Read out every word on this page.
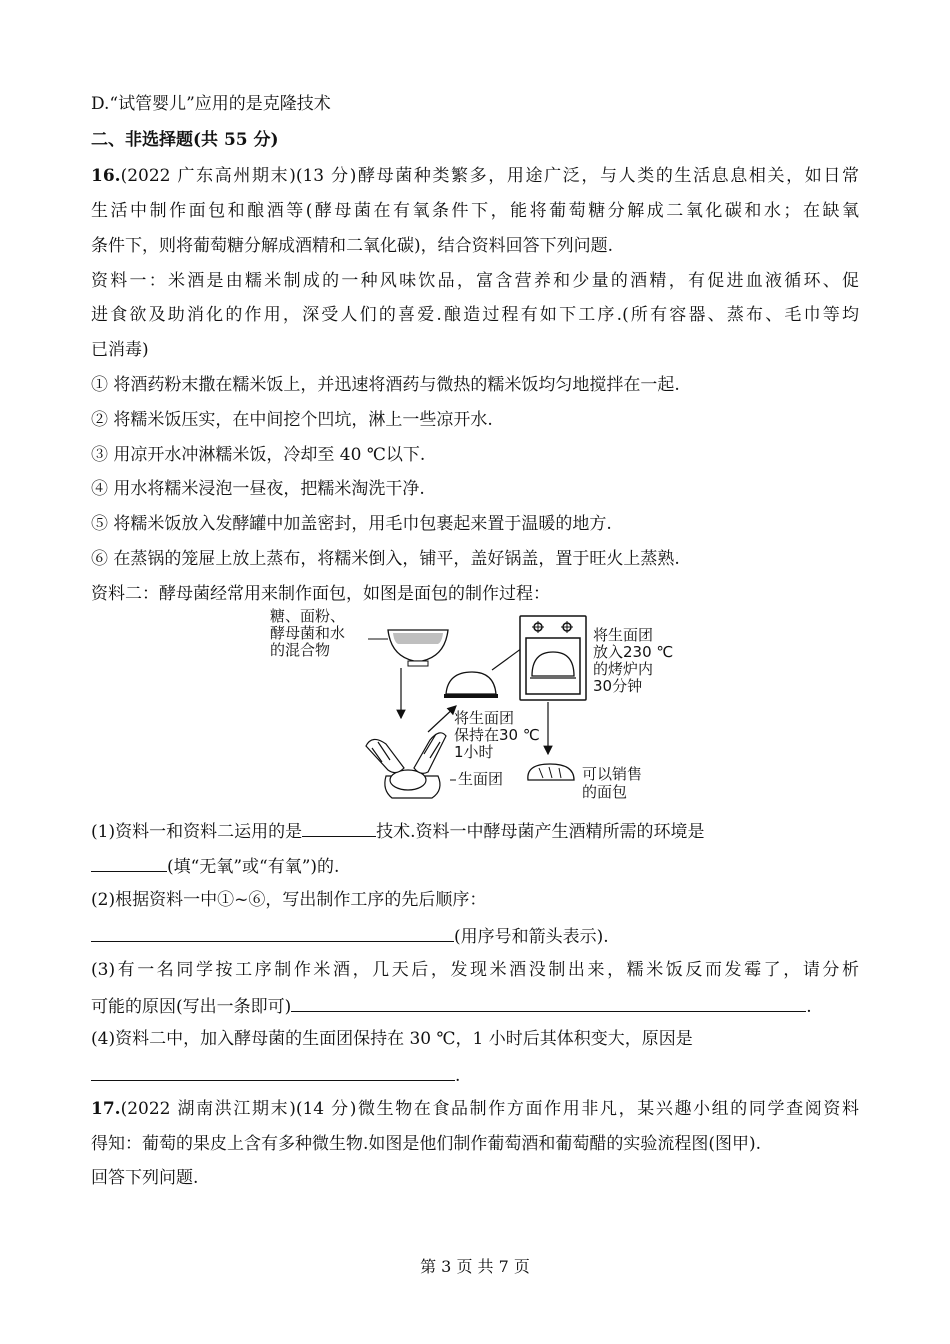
D.“试管婴儿”应用的是克隆技术
二、非选择题(共 55 分)
16.(2022 广东高州期末)(13 分)酵母菌种类繁多，用途广泛，与人类的生活息息相关，如日常
生活中制作面包和酿酒等(酵母菌在有氧条件下，能将葡萄糖分解成二氧化碳和水；在缺氧
条件下，则将葡萄糖分解成酒精和二氧化碳)，结合资料回答下列问题.
资料一：米酒是由糯米制成的一种风味饮品，富含营养和少量的酒精，有促进血液循环、促
进食欲及助消化的作用，深受人们的喜爱.酿造过程有如下工序.(所有容器、蒸布、毛巾等均
已消毒)
① 将酒药粉末撒在糯米饭上，并迅速将酒药与微热的糯米饭均匀地搅拌在一起.
② 将糯米饭压实，在中间挖个凹坑，淋上一些凉开水.
③ 用凉开水冲淋糯米饭，冷却至 40 ℃以下.
④ 用水将糯米浸泡一昼夜，把糯米淘洗干净.
⑤ 将糯米饭放入发酵罐中加盖密封，用毛巾包裹起来置于温暖的地方.
⑥ 在蒸锅的笼屉上放上蒸布，将糯米倒入，铺平，盖好锅盖，置于旺火上蒸熟.
资料二：酵母菌经常用来制作面包，如图是面包的制作过程：
糖、面粉、
酵母菌和水
的混合物
将生面团
放入230 ℃
的烤炉内
30分钟
将生面团
保持在30 ℃
1小时
生面团	可以销售
的面包
(1)资料一和资料二运用的是	技术.资料一中酵母菌产生酒精所需的环境是
(填“无氧”或“有氧”)的.
(2)根据资料一中①~⑥，写出制作工序的先后顺序：
(用序号和箭头表示).
(3)有一名同学按工序制作米酒，几天后，发现米酒没制出来，糯米饭反而发霉了，请分析
可能的原因(写出一条即可)	.
(4)资料二中，加入酵母菌的生面团保持在 30 ℃，1 小时后其体积变大，原因是
.
17.(2022 湖南洪江期末)(14 分)微生物在食品制作方面作用非凡，某兴趣小组的同学查阅资料
得知：葡萄的果皮上含有多种微生物.如图是他们制作葡萄酒和葡萄醋的实验流程图(图甲).
回答下列问题.
第 3 页 共 7 页
